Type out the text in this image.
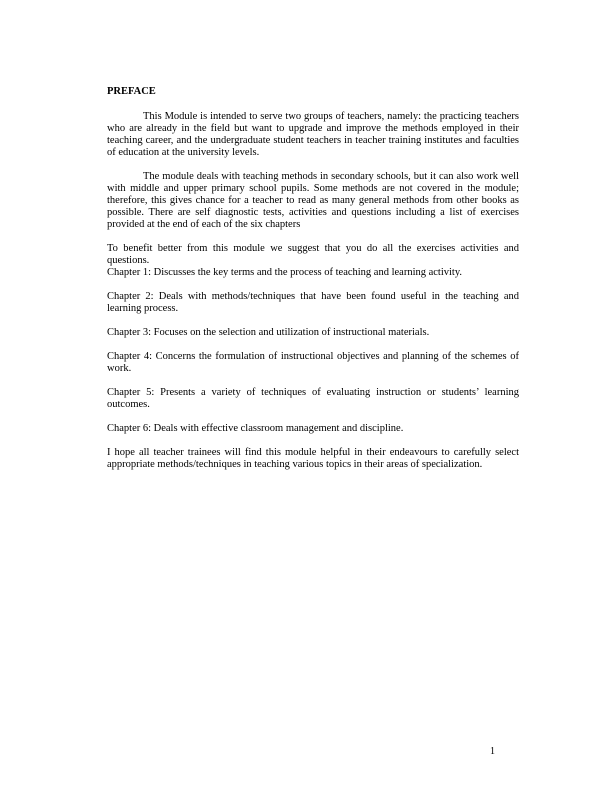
PREFACE

This Module is intended to serve two groups of teachers, namely: the practicing teachers who are already in the field but want to upgrade and improve the methods employed in their teaching career, and the undergraduate student teachers in teacher training institutes and faculties of education at the university levels.

The module deals with teaching methods in secondary schools, but it can also work well with middle and upper primary school pupils. Some methods are not covered in the module; therefore, this gives chance for a teacher to read as many general methods from other books as possible. There are self diagnostic tests, activities and questions including a list of exercises provided at the end of each of the six chapters

To benefit better from this module we suggest that you do all the exercises activities and questions.

Chapter 1: Discusses the key terms and the process of teaching and learning activity.

Chapter 2: Deals with methods/techniques that have been found useful in the teaching and learning process.

Chapter 3: Focuses on the selection and utilization of instructional materials.

Chapter 4: Concerns the formulation of instructional objectives and planning of the schemes of work.

Chapter 5: Presents a variety of techniques of evaluating instruction or students’ learning outcomes.

Chapter 6: Deals with effective classroom management and discipline.

I hope all teacher trainees will find this module helpful in their endeavours to carefully select appropriate methods/techniques in teaching various topics in their areas of specialization.

1
